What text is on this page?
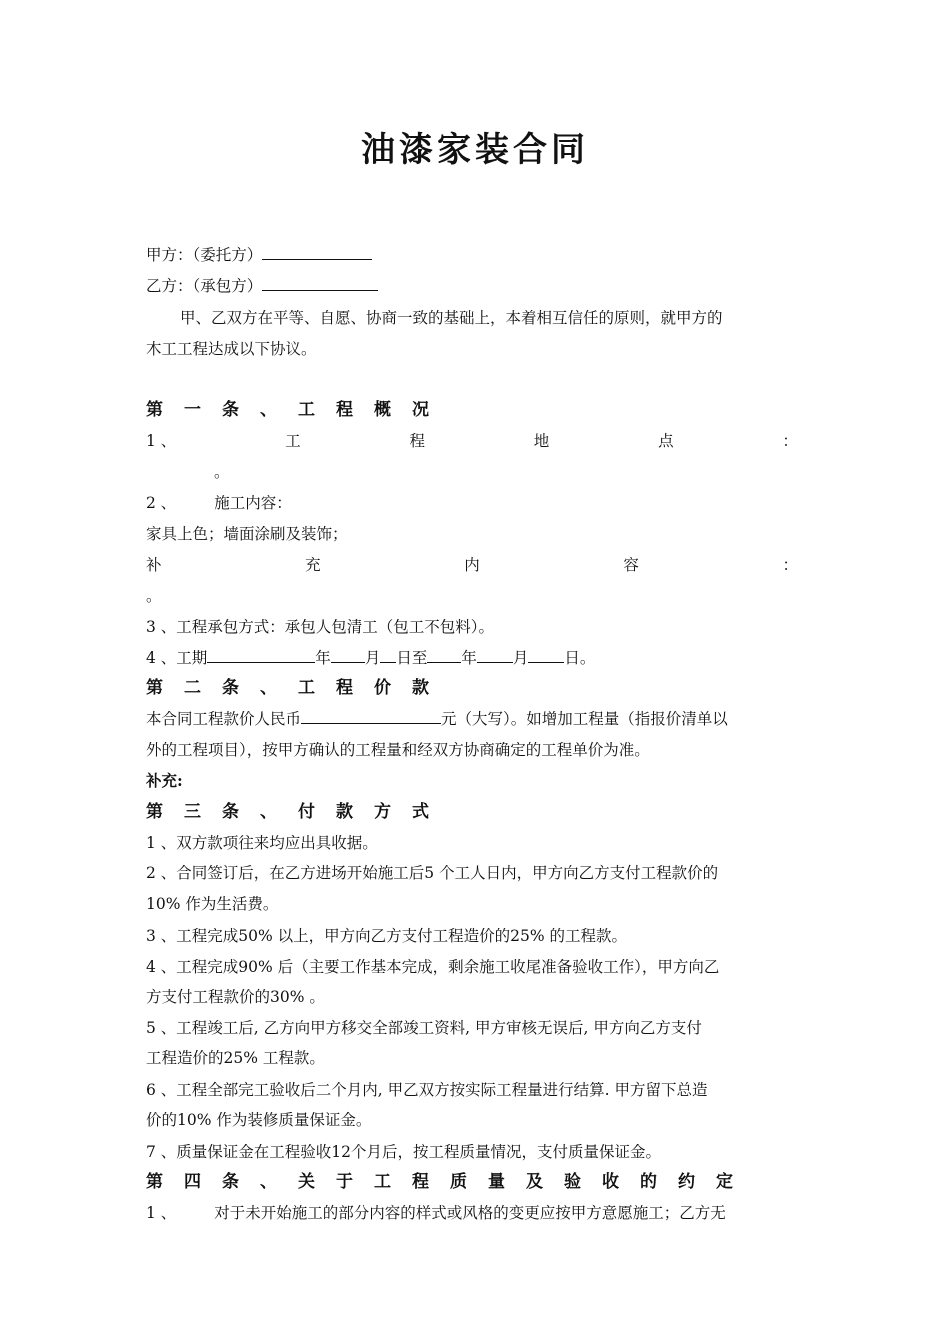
油漆家装合同
甲方：（委托方）
乙方：（承包方）
甲、乙双方在平等、自愿、协商一致的基础上，本着相互信任的原则，就甲方的
木工工程达成以下协议。
第 一 条 、 工 程 概 况
1 、	工	程	地	点	：
。
2 、 施工内容：
家具上色；墙面涂刷及装饰；
补	充	内	容	：
。
3 、工程承包方式：承包人包清工（包工不包料）。
4 、工期	年 月 日至 年 月 日。
第 二 条 、 工 程 价 款
本合同工程款价人民币	元（大写）。如增加工程量（指报价清单以
外的工程项目），按甲方确认的工程量和经双方协商确定的工程单价为准。
补充:
第 三 条 、 付 款 方 式
1 、双方款项往来均应出具收据。
2 、合同签订后，在乙方进场开始施工后5 个工人日内，甲方向乙方支付工程款价的
10% 作为生活费。
3 、工程完成50% 以上，甲方向乙方支付工程造价的25% 的工程款。
4 、工程完成90% 后（主要工作基本完成，剩余施工收尾准备验收工作），甲方向乙
方支付工程款价的30% 。
5 、工程竣工后, 乙方向甲方移交全部竣工资料, 甲方审核无误后, 甲方向乙方支付
工程造价的25% 工程款。
6 、工程全部完工验收后二个月内, 甲乙双方按实际工程量进行结算. 甲方留下总造
价的10% 作为装修质量保证金。
7 、质量保证金在工程验收12个月后，按工程质量情况，支付质量保证金。
第 四 条 、 关 于 工 程 质 量 及 验 收 的 约 定
1 、 对于未开始施工的部分内容的样式或风格的变更应按甲方意愿施工；乙方无
